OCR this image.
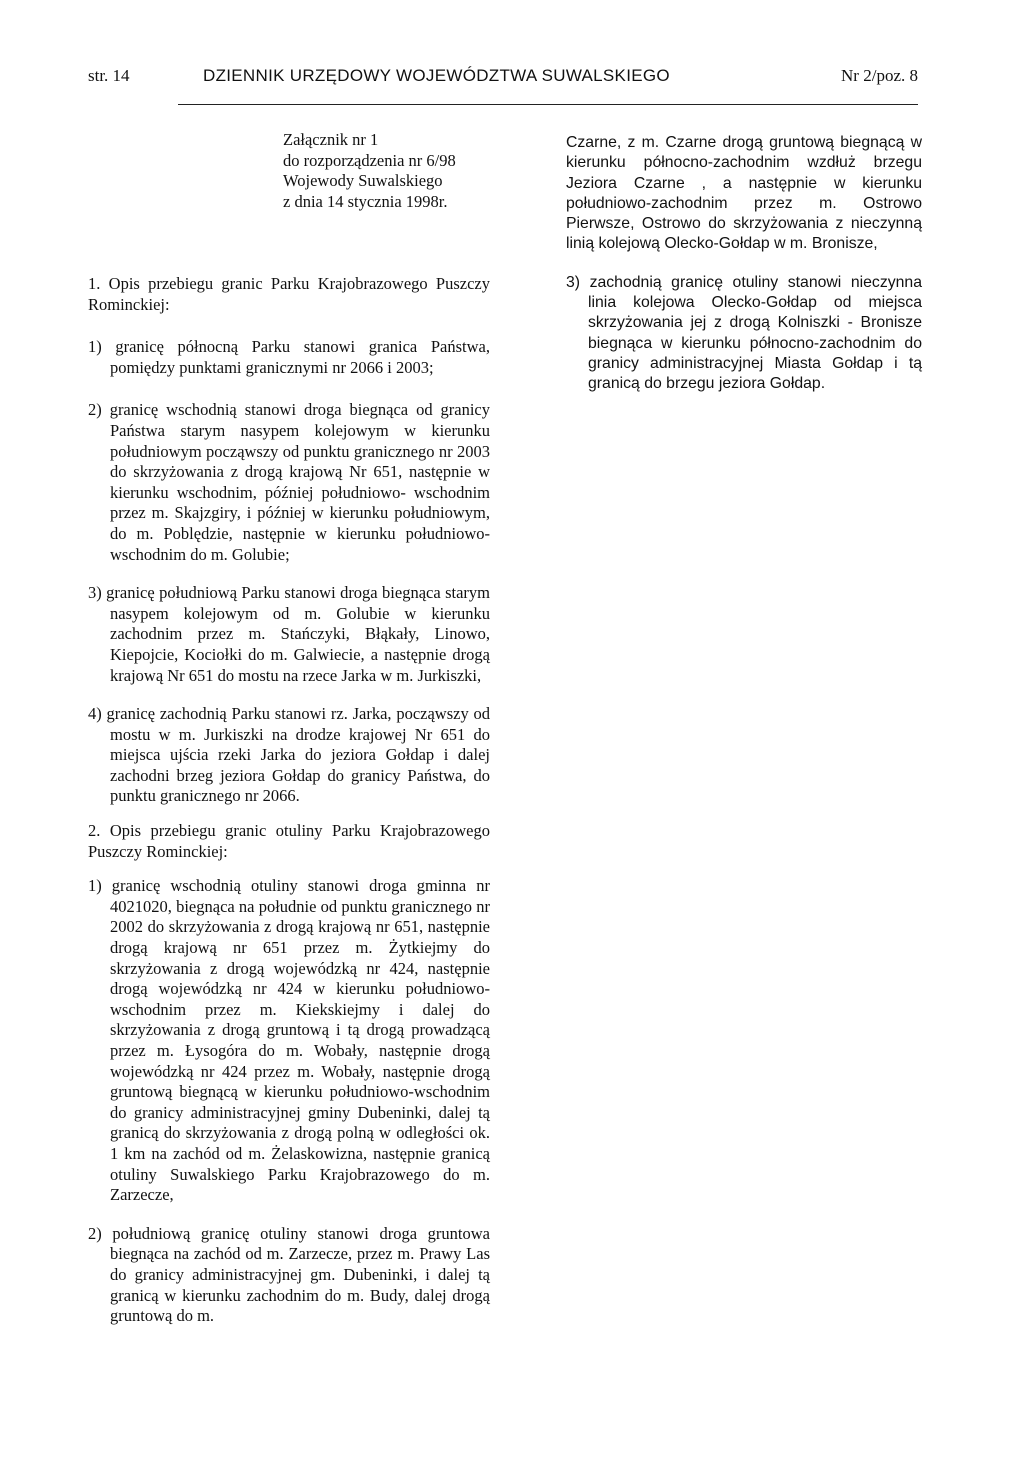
str. 14	DZIENNIK URZĘDOWY WOJEWÓDZTWA SUWALSKIEGO	Nr 2/poz. 8
Załącznik nr 1
do rozporządzenia nr 6/98
Wojewody Suwalskiego
z dnia 14 stycznia 1998r.

1. Opis przebiegu granic Parku Krajobrazowego Puszczy Rominckiej:

1) granicę północną Parku stanowi granica Państwa, pomiędzy punktami granicznymi nr 2066 i 2003;

2) granicę wschodnią stanowi droga biegnąca od granicy Państwa starym nasypem kolejowym w kierunku południowym począwszy od punktu granicznego nr 2003 do skrzyżowania z drogą krajową Nr 651, następnie w kierunku wschodnim, później południowo- wschodnim przez m. Skajzgiry, i później w kierunku południowym, do m. Poblędzie, następnie w kierunku południowo-wschodnim do m. Golubie;

3) granicę południową Parku stanowi droga biegnąca starym nasypem kolejowym od m. Golubie w kierunku zachodnim przez m. Stańczyki, Błąkały, Linowo, Kiepojcie, Kociołki do m. Galwiecie, a następnie drogą krajową Nr 651 do mostu na rzece Jarka w m. Jurkiszki,

4) granicę zachodnią Parku stanowi rz. Jarka, począwszy od mostu w m. Jurkiszki na drodze krajowej Nr 651 do miejsca ujścia rzeki Jarka do jeziora Gołdap i dalej zachodni brzeg jeziora Gołdap do granicy Państwa, do punktu granicznego nr 2066.

2. Opis przebiegu granic otuliny Parku Krajobrazowego Puszczy Rominckiej:

1) granicę wschodnią otuliny stanowi droga gminna nr 4021020, biegnąca na południe od punktu granicznego nr 2002 do skrzyżowania z drogą krajową nr 651, następnie drogą krajową nr 651 przez m. Żytkiejmy do skrzyżowania z drogą wojewódzką nr 424, następnie drogą wojewódzką nr 424 w kierunku południowo-wschodnim przez m. Kiekskiejmy i dalej do skrzyżowania z drogą gruntową i tą drogą prowadzącą przez m. Łysogóra do m. Wobały, następnie drogą wojewódzką nr 424 przez m. Wobały, następnie drogą gruntową biegnącą w kierunku południowo-wschodnim do granicy administracyjnej gminy Dubeninki, dalej tą granicą do skrzyżowania z drogą polną w odległości ok. 1 km na zachód od m. Żelaskowizna, następnie granicą otuliny Suwalskiego Parku Krajobrazowego do m. Zarzecze,

2) południową granicę otuliny stanowi droga gruntowa biegnąca na zachód od m. Zarzecze, przez m. Prawy Las do granicy administracyjnej gm. Dubeninki, i dalej tą granicą w kierunku zachodnim do m. Budy, dalej drogą gruntową do m.

Czarne, z m. Czarne drogą gruntową biegnącą w kierunku północno-zachodnim wzdłuż brzegu Jeziora Czarne , a następnie w kierunku południowo-zachodnim przez m. Ostrowo Pierwsze, Ostrowo do skrzyżowania z nieczynną linią kolejową Olecko-Gołdap w m. Bronisze,

3) zachodnią granicę otuliny stanowi nieczynna linia kolejowa Olecko-Gołdap od miejsca skrzyżowania jej z drogą Kolniszki - Bronisze biegnąca w kierunku północno-zachodnim do granicy administracyjnej Miasta Gołdap i tą granicą do brzegu jeziora Gołdap.
